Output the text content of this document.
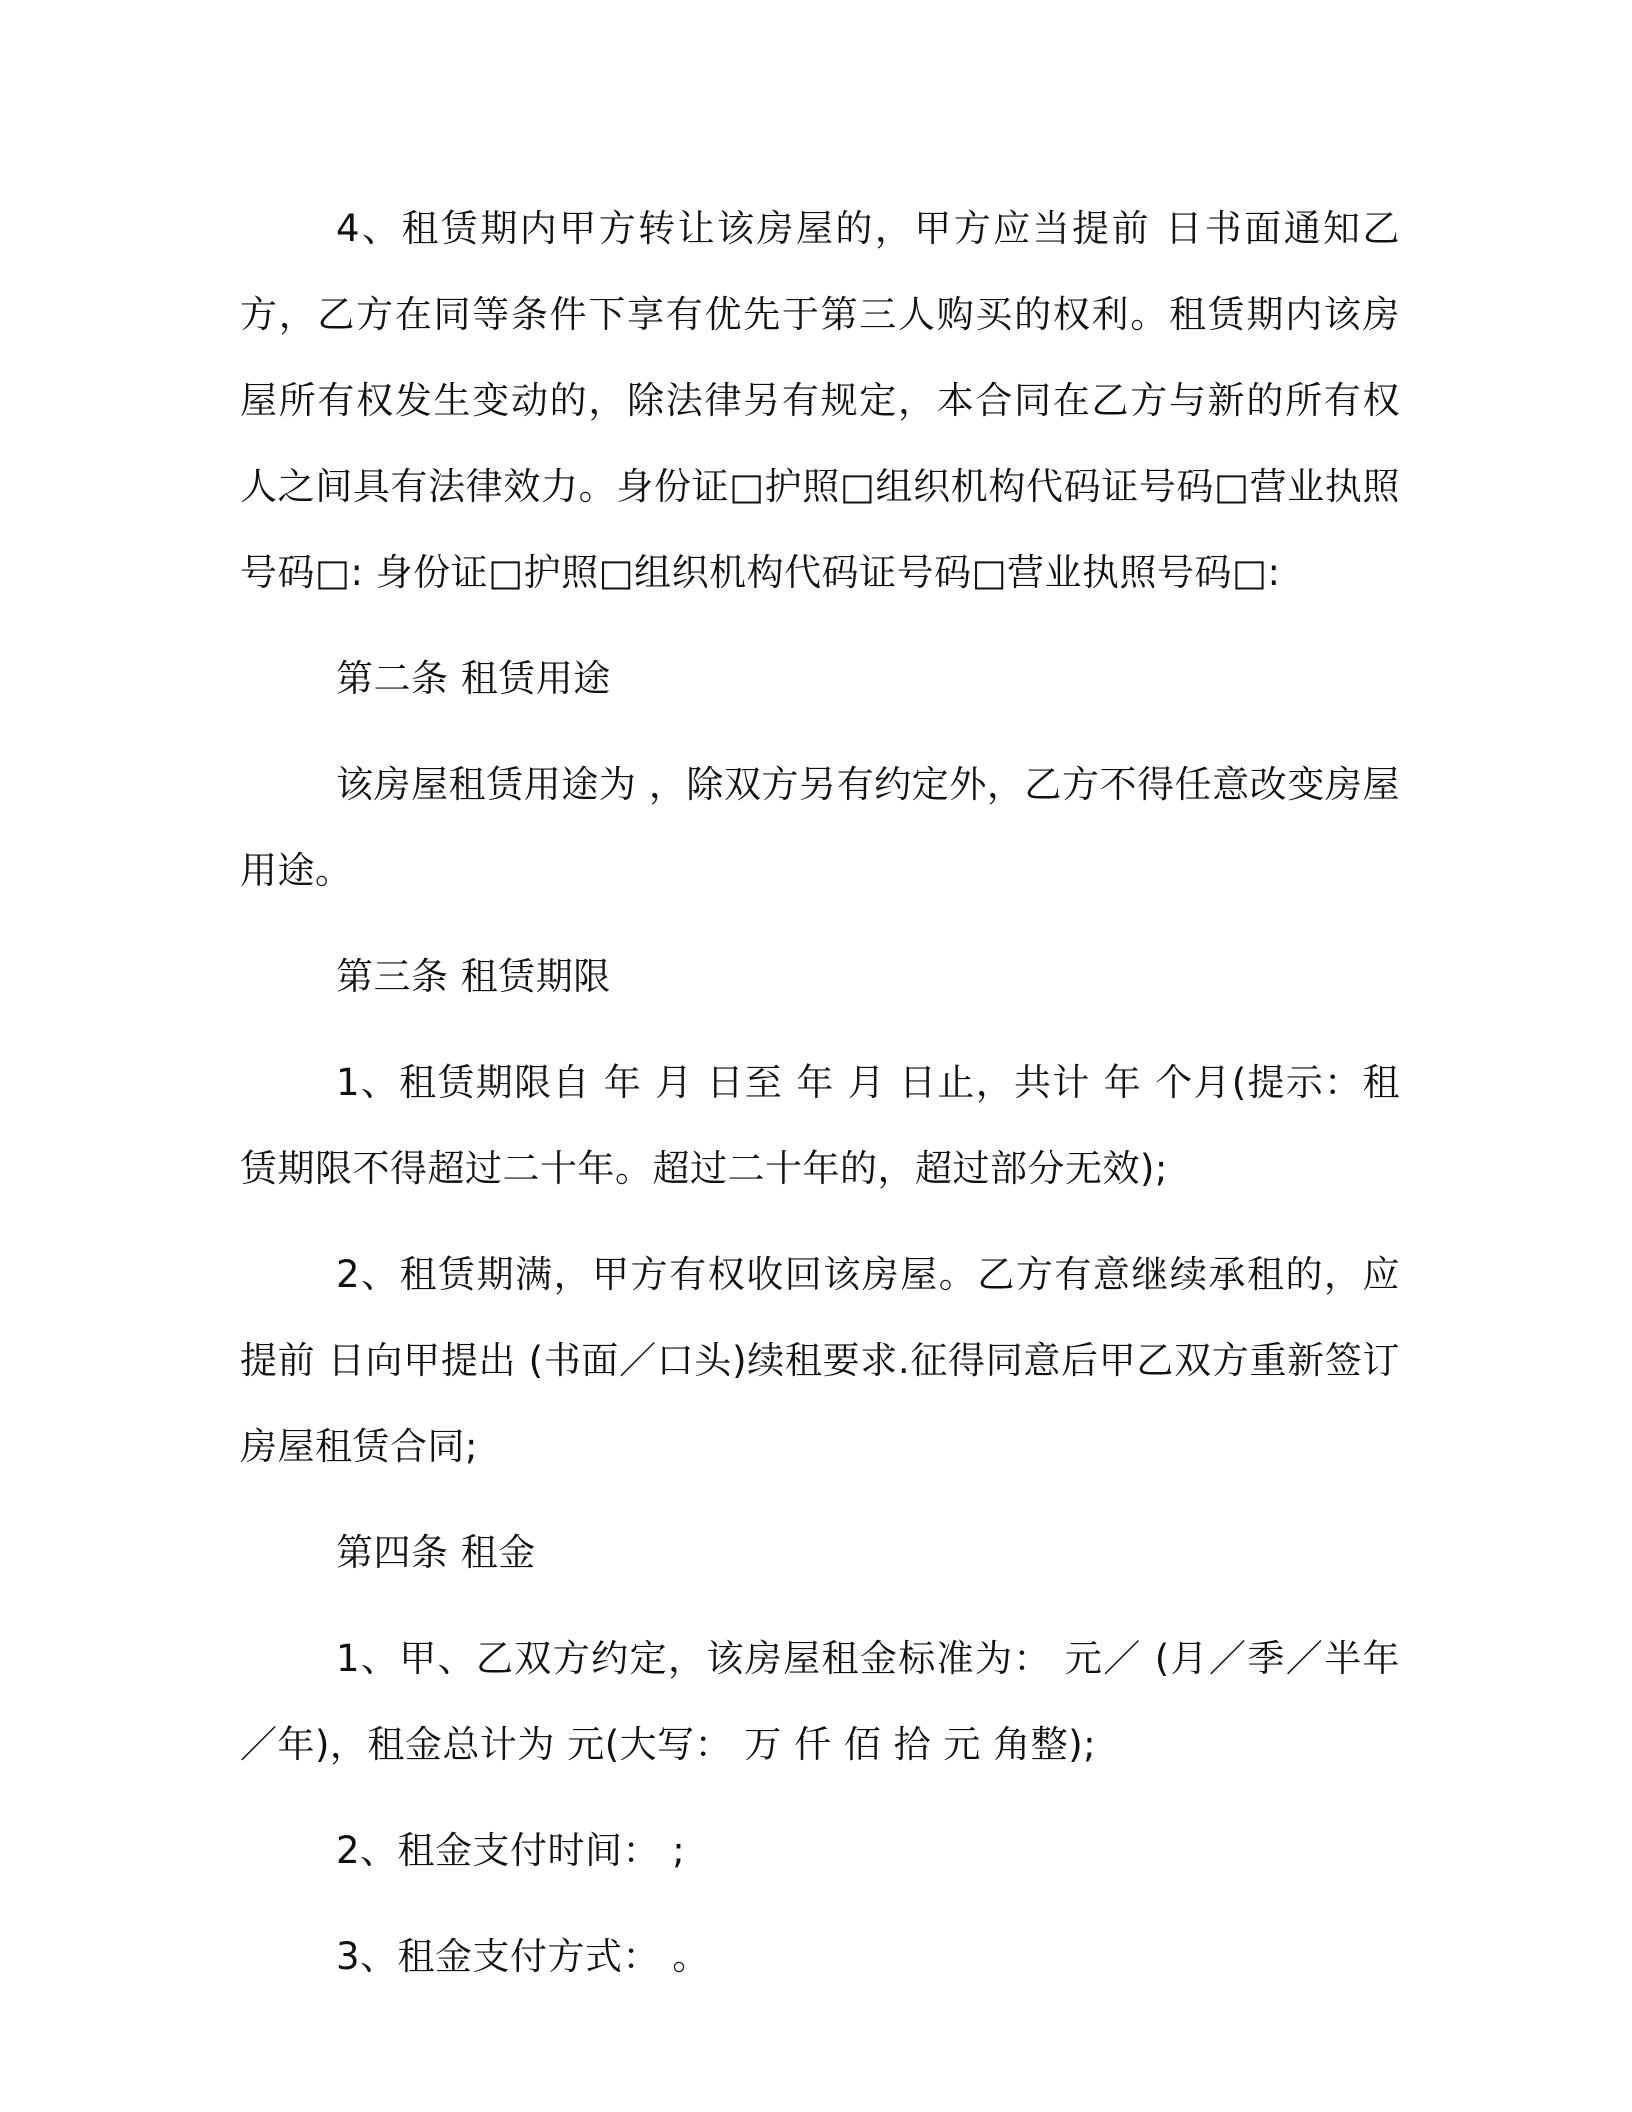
4、租赁期内甲方转让该房屋的，甲方应当提前 日书面通知乙方，乙方在同等条件下享有优先于第三人购买的权利。租赁期内该房屋所有权发生变动的，除法律另有规定，本合同在乙方与新的所有权人之间具有法律效力。身份证□护照□组织机构代码证号码□营业执照号码□: 身份证□护照□组织机构代码证号码□营业执照号码□:

第二条 租赁用途

该房屋租赁用途为 ，除双方另有约定外，乙方不得任意改变房屋用途。

第三条 租赁期限

1、租赁期限自 年 月 日至 年 月 日止，共计 年 个月(提示：租赁期限不得超过二十年。超过二十年的，超过部分无效);

2、租赁期满，甲方有权收回该房屋。乙方有意继续承租的，应提前 日向甲提出 (书面／口头)续租要求.征得同意后甲乙双方重新签订房屋租赁合同;

第四条 租金

1、甲、乙双方约定，该房屋租金标准为： 元／ (月／季／半年／年)，租金总计为 元(大写： 万 仟 佰 拾 元 角整);

2、租金支付时间： ;

3、租金支付方式： 。
